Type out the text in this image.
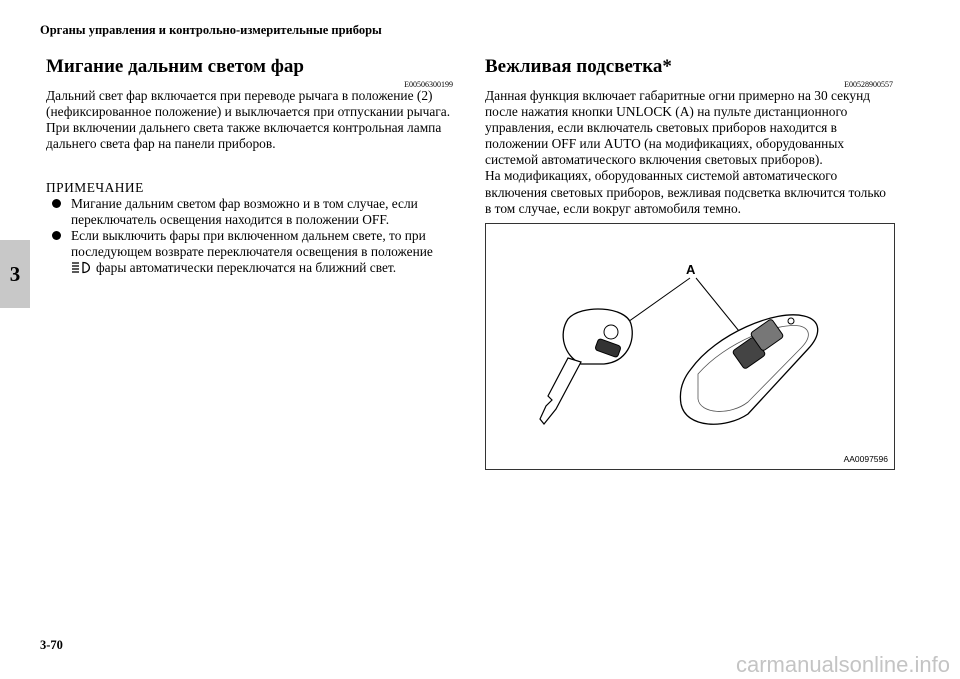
Органы управления и контрольно-измерительные приборы
3
Мигание дальним светом фар
E00506300199

Дальний свет фар включается при переводе рычага в положение (2) (нефиксированное положение) и выключается при отпускании рычага.

При включении дальнего света также включается контрольная лампа дальнего света фар на панели приборов.

ПРИМЕЧАНИЕ
Мигание дальним светом фар возможно и в том случае, если переключатель освещения находится в положении OFF.
Если выключить фары при включенном дальнем свете, то при последующем возврате переключателя освещения в положение
фары автоматически переключатся на ближний свет.
Вежливая подсветка*
E00528900557

Данная функция включает габаритные огни примерно на 30 секунд после нажатия кнопки UNLOCK (A) на пульте дистанционного управления, если включатель световых приборов находится в положении OFF или AUTO (на модификациях, оборудованных системой автоматического включения световых приборов).

На модификациях, оборудованных системой автоматического включения световых приборов, вежливая подсветка включится только в том случае, если вокруг автомобиля темно.

A
AA0097596
3-70
carmanualsonline.info
